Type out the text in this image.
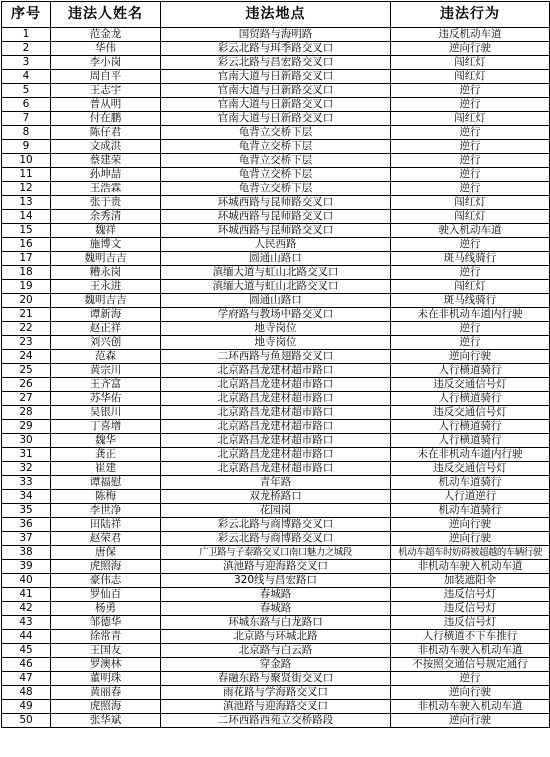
序号	违法人姓名	违法地点	违法行为
1	范金龙	国贸路与海明路	违反机动车道
2	华伟	彩云北路与珥季路交叉口	逆向行驶
3	李小岗	彩云北路与昌宏路交叉口	闯红灯
4	周自平	官南大道与日新路交叉口	闯红灯
5	王志宇	官南大道与日新路交叉口	逆行
6	普从明	官南大道与日新路交叉口	逆行
7	付在鹏	官南大道与日新路交叉口	闯红灯
8	陈仔君	龟背立交桥下层	逆行
9	文成洪	龟背立交桥下层	逆行
10	蔡建荣	龟背立交桥下层	逆行
11	孙坤喆	龟背立交桥下层	逆行
12	王浩霖	龟背立交桥下层	逆行
13	张于贵	环城西路与昆师路交叉口	闯红灯
14	余秀清	环城西路与昆师路交叉口	闯红灯
15	魏祥	环城西路与昆师路交叉口	驶入机动车道
16	施博文	人民西路	逆行
17	魏明吉吉	圆通山路口	斑马线骑行
18	糟永岗	滇缅大道与虹山北路交叉口	逆行
19	王永进	滇缅大道与虹山北路交叉口	闯红灯
20	魏明吉吉	圆通山路口	斑马线骑行
21	谭新海	学府路与教场中路交叉口	未在非机动车道内行驶
22	赵正祥	地寺岗位	逆行
23	刘兴创	地寺岗位	逆行
24	范森	二环西路与鱼翅路交叉口	逆向行驶
25	黄宗川	北京路昌龙建材超市路口	人行横道骑行
26	王齐富	北京路昌龙建材超市路口	违反交通信号灯
27	苏华佑	北京路昌龙建材超市路口	人行横道骑行
28	吴银川	北京路昌龙建材超市路口	违反交通信号灯
29	丁喜增	北京路昌龙建材超市路口	人行横道骑行
30	魏华	北京路昌龙建材超市路口	人行横道骑行
31	龚正	北京路昌龙建材超市路口	未在非机动车道内行驶
32	崔建	北京路昌龙建材超市路口	违反交通信号灯
33	谭福慰	青年路	机动车道骑行
34	陈梅	双龙桥路口	人行道逆行
35	李世净	花园岗	机动车道骑行
36	田陆祥	彩云北路与商博路交叉口	逆向行驶
37	赵荣君	彩云北路与商博路交叉口	逆向行驶
38	唐保	广卫路与子泰路交叉口南口魅力之城段	机动车超车时妨碍被超越的车辆行驶
39	虎照海	滇池路与迎海路交叉口	非机动车驶入机动车道
40	豪伟志	320线与昌宏路口	加装遮阳伞
41	罗仙百	春城路	违反信号灯
42	杨勇	春城路	违反信号灯
43	邹德华	环城东路与白龙路口	违反信号灯
44	徐常青	北京路与环城北路	人行横道不下车推行
45	王国友	北京路与白云路	非机动车驶入机动车道
46	罗澳林	穿金路	不按照交通信号规定通行
47	董明珠	春融东路与聚贤街交叉口	逆行
48	黄丽春	雨花路与学海路交叉口	逆向行驶
49	虎照海	滇池路与迎海路交叉口	非机动车驶入机动车道
50	张华斌	二环西路西苑立交桥路段	逆向行驶
